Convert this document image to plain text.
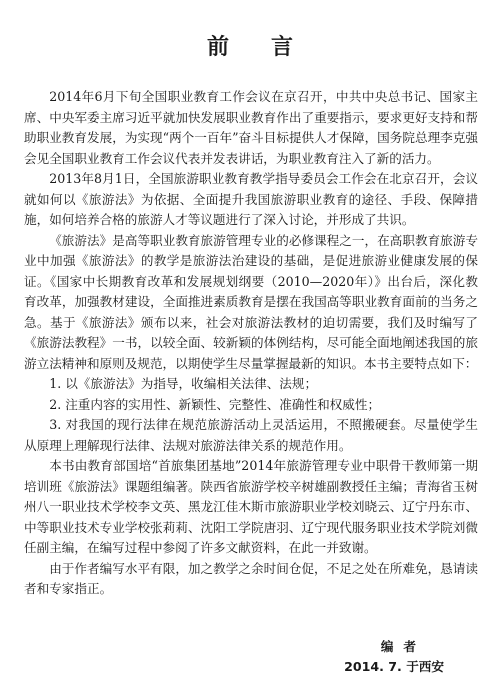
前 言

2014年6月下旬全国职业教育工作会议在京召开，中共中央总书记、国家主席、中央军委主席习近平就加快发展职业教育作出了重要指示，要求更好支持和帮助职业教育发展，为实现“两个一百年”奋斗目标提供人才保障，国务院总理李克强会见全国职业教育工作会议代表并发表讲话，为职业教育注入了新的活力。

2013年8月1日，全国旅游职业教育教学指导委员会工作会在北京召开，会议就如何以《旅游法》为依据、全面提升我国旅游职业教育的途径、手段、保障措施，如何培养合格的旅游人才等议题进行了深入讨论，并形成了共识。

《旅游法》是高等职业教育旅游管理专业的必修课程之一，在高职教育旅游专业中加强《旅游法》的教学是旅游法治建设的基础，是促进旅游业健康发展的保证。《国家中长期教育改革和发展规划纲要（2010—2020年）》出台后，深化教育改革，加强教材建设，全面推进素质教育是摆在我国高等职业教育面前的当务之急。基于《旅游法》颁布以来，社会对旅游法教材的迫切需要，我们及时编写了《旅游法教程》一书，以较全面、较新颖的体例结构，尽可能全面地阐述我国的旅游立法精神和原则及规范，以期使学生尽量掌握最新的知识。本书主要特点如下：

1. 以《旅游法》为指导，收编相关法律、法规；

2. 注重内容的实用性、新颖性、完整性、准确性和权威性；

3. 对我国的现行法律在规范旅游活动上灵活运用，不照搬硬套。尽量使学生从原理上理解现行法律、法规对旅游法律关系的规范作用。

本书由教育部国培“首旅集团基地”2014年旅游管理专业中职骨干教师第一期培训班《旅游法》课题组编著。陕西省旅游学校辛树雄副教授任主编；青海省玉树州八一职业技术学校李文英、黑龙江佳木斯市旅游职业学校刘晓云、辽宁丹东市、中等职业技术专业学校张莉莉、沈阳工学院唐羽、辽宁现代服务职业技术学院刘微任副主编，在编写过程中参阅了许多文献资料，在此一并致谢。

由于作者编写水平有限，加之教学之余时间仓促，不足之处在所难免，恳请读者和专家指正。

编者
2014. 7. 于西安
